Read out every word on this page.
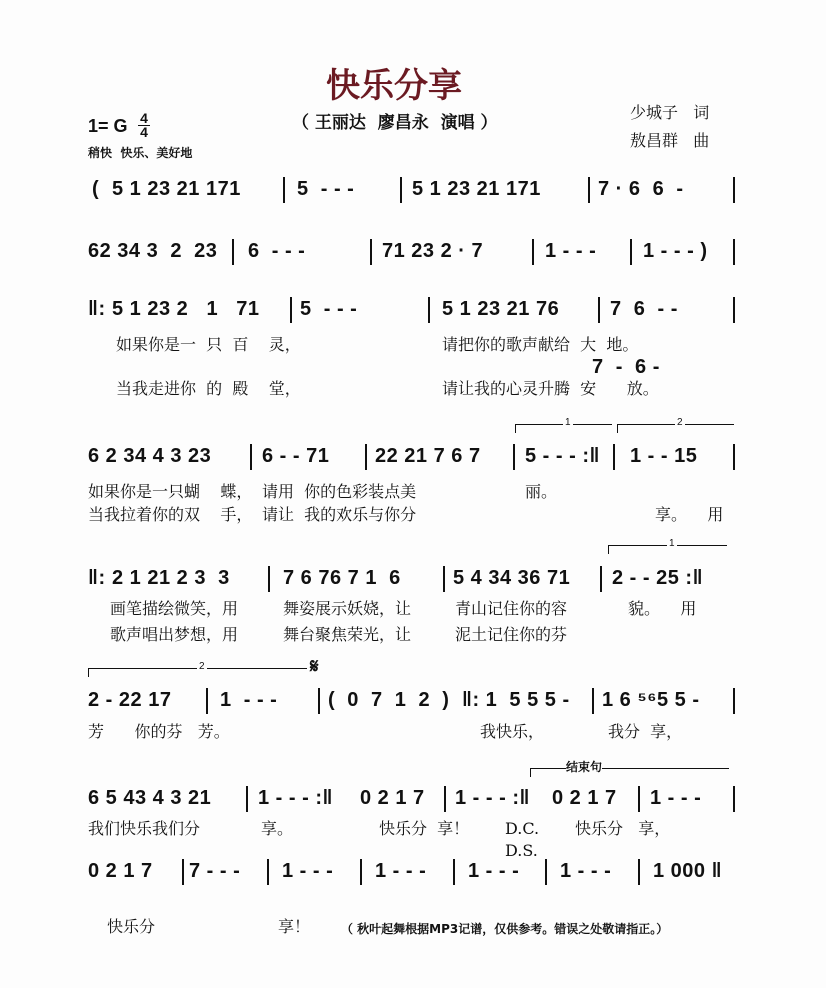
快乐分享
（ 王丽达  廖昌永  演唱 ）
少城子   词
敖昌群   曲
1= G 4
4
稍快  快乐、美好地
( 5 1 23 21 171	5  - - -	5 1 23 21 171	7 · 6  6  -
62 34 3  2  23 6  - - -	71 23 2 · 7	1 - - - 1 - - - )
‖: 5 1 23 2   1   71 5  - - -	5 1 23 21 76	7  6  - -
6 2 34 4 3 23	6 - - 71 22 21 7 6 7 5 - - - :‖ 1 - - 15
‖: 2 1 21 2 3  3	7 6 76 7 1  6	5 4 34 36 71 2 - - 25 :‖
2 - 22 17 1  - - -	(  0  7  1  2  ) ‖: 1  5 5 5 - 1 6 ⁵⁶5 5 -
6 5 43 4 3 21 1 - - - :‖ 0 2 1 7 1 - - - :‖ 0 2 1 7 1 - - -
0 2 1 7 7 - - - 1 - - - 1 - - - 1 - - - 1 - - - 1 000 ‖
7  -  6 -
如果你是一  只  百    灵，	请把你的歌声献给  大  地。
当我走进你  的  殿    堂，	请让我的心灵升腾  安      放。
如果你是一只蝴    蝶， 请用  你的色彩装点美	丽。
当我拉着你的双    手， 请让  我的欢乐与你分	享。    用
画笔描绘微笑，用	舞姿展示妖娆，让	青山记住你的容	貌。    用
歌声唱出梦想，用	舞台聚焦荣光，让	泥土记住你的芬
芳      你的芬   芳。	我快乐，	我分  享，
我们快乐我们分	享。	快乐分  享！ D.C.
D.S.
快乐分   享，
快乐分	享！	（ 秋叶起舞根据MP3记谱，仅供参考。错误之处敬请指正。）
1	2
1
2	𝄋
结束句
